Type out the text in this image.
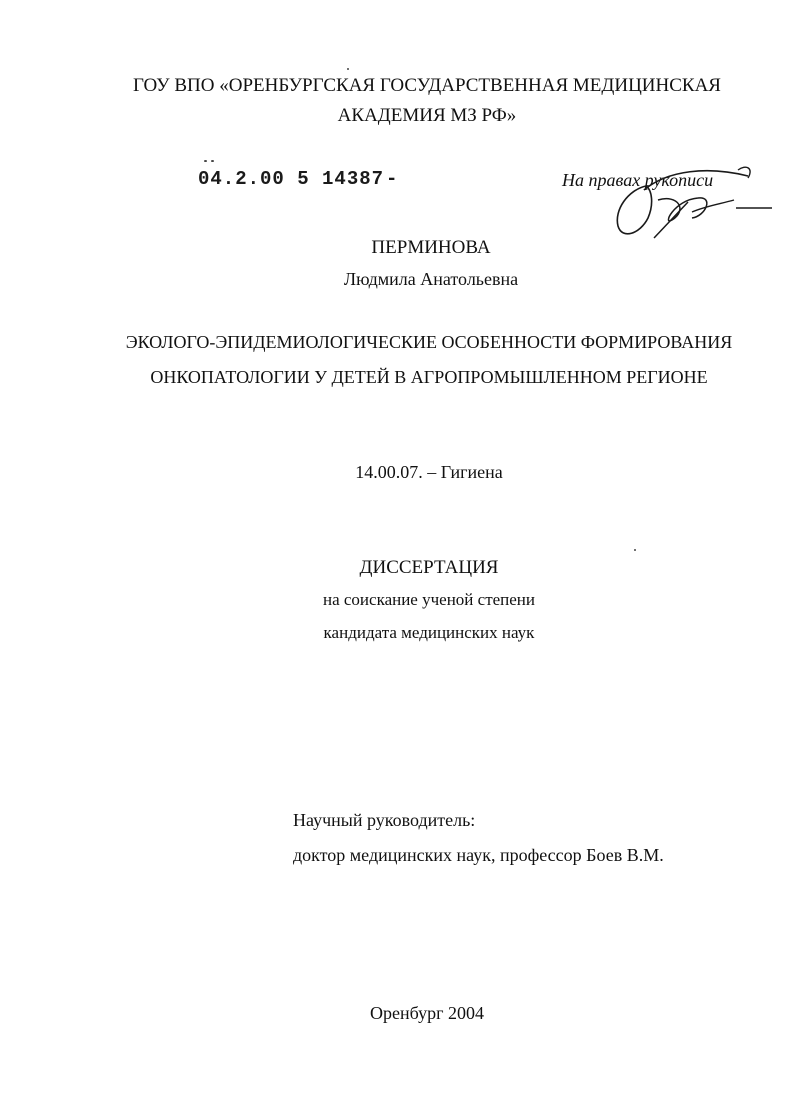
ГОУ ВПО «ОРЕНБУРГСКАЯ ГОСУДАРСТВЕННАЯ МЕДИЦИНСКАЯ
АКАДЕМИЯ МЗ РФ»
04.2.00 5 14387 -	На правах рукописи
ПЕРМИНОВА
Людмила Анатольевна
ЭКОЛОГО-ЭПИДЕМИОЛОГИЧЕСКИЕ ОСОБЕННОСТИ ФОРМИРОВАНИЯ
ОНКОПАТОЛОГИИ У ДЕТЕЙ В АГРОПРОМЫШЛЕННОМ РЕГИОНЕ
14.00.07. – Гигиена
ДИССЕРТАЦИЯ
на соискание ученой степени
кандидата медицинских наук
Научный руководитель:
доктор медицинских наук, профессор Боев В.М.
Оренбург 2004
